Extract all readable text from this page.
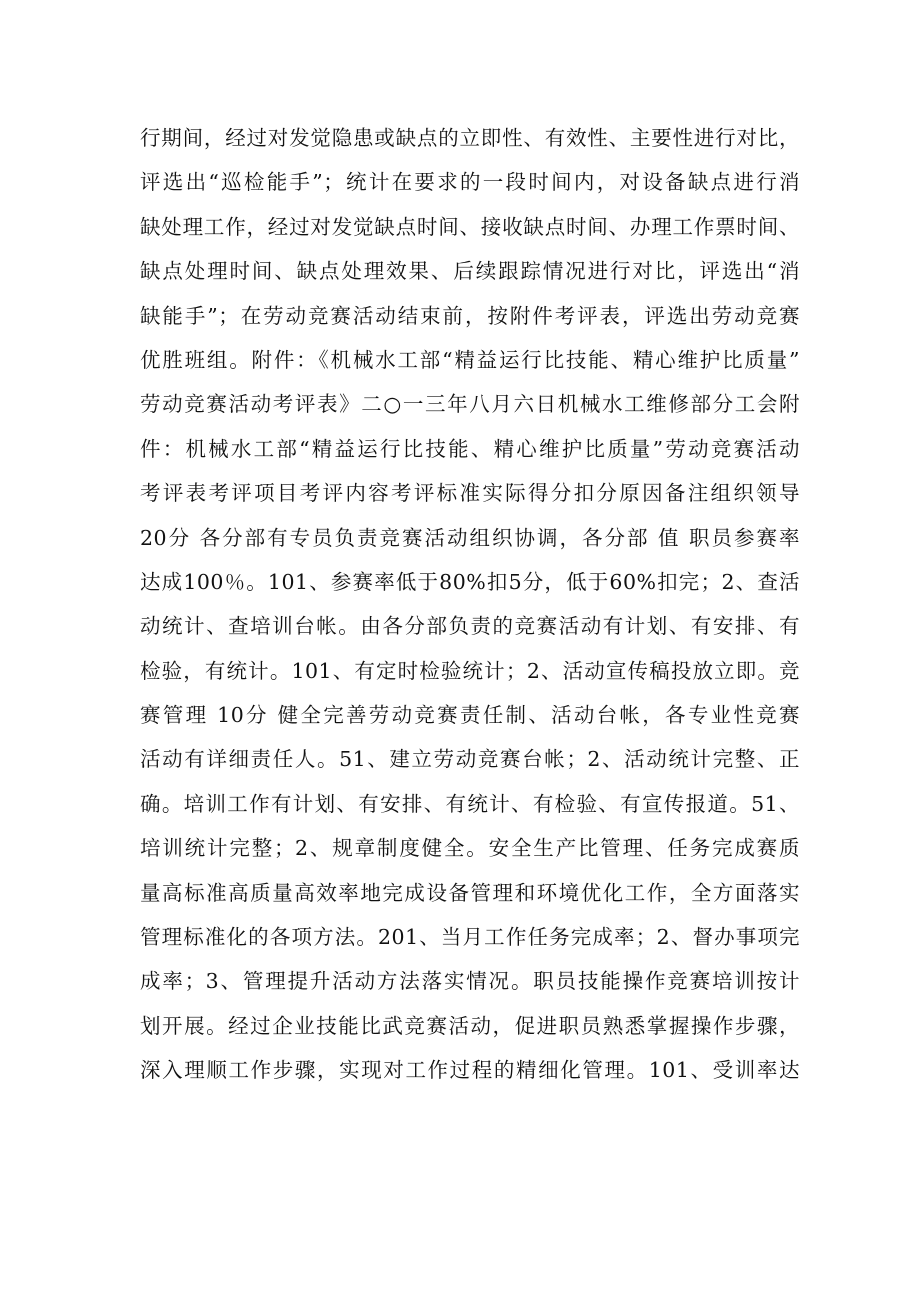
行期间，经过对发觉隐患或缺点的立即性、有效性、主要性进行对比，
评选出“巡检能手”；统计在要求的一段时间内，对设备缺点进行消
缺处理工作，经过对发觉缺点时间、接收缺点时间、办理工作票时间、
缺点处理时间、缺点处理效果、后续跟踪情况进行对比，评选出“消
缺能手”；在劳动竞赛活动结束前，按附件考评表，评选出劳动竞赛
优胜班组。附件：《机械水工部“精益运行比技能、精心维护比质量”
劳动竞赛活动考评表》二○一三年八月六日机械水工维修部分工会附
件：机械水工部“精益运行比技能、精心维护比质量”劳动竞赛活动
考评表考评项目考评内容考评标准实际得分扣分原因备注组织领导
20分 各分部有专员负责竞赛活动组织协调，各分部 值 职员参赛率
达成100％。101、参赛率低于80%扣5分，低于60%扣完；2、查活
动统计、查培训台帐。由各分部负责的竞赛活动有计划、有安排、有
检验，有统计。101、有定时检验统计；2、活动宣传稿投放立即。竞
赛管理 10分 健全完善劳动竞赛责任制、活动台帐，各专业性竞赛
活动有详细责任人。51、建立劳动竞赛台帐；2、活动统计完整、正
确。培训工作有计划、有安排、有统计、有检验、有宣传报道。51、
培训统计完整；2、规章制度健全。安全生产比管理、任务完成赛质
量高标准高质量高效率地完成设备管理和环境优化工作，全方面落实
管理标准化的各项方法。201、当月工作任务完成率；2、督办事项完
成率；3、管理提升活动方法落实情况。职员技能操作竞赛培训按计
划开展。经过企业技能比武竞赛活动，促进职员熟悉掌握操作步骤，
深入理顺工作步骤，实现对工作过程的精细化管理。101、受训率达
